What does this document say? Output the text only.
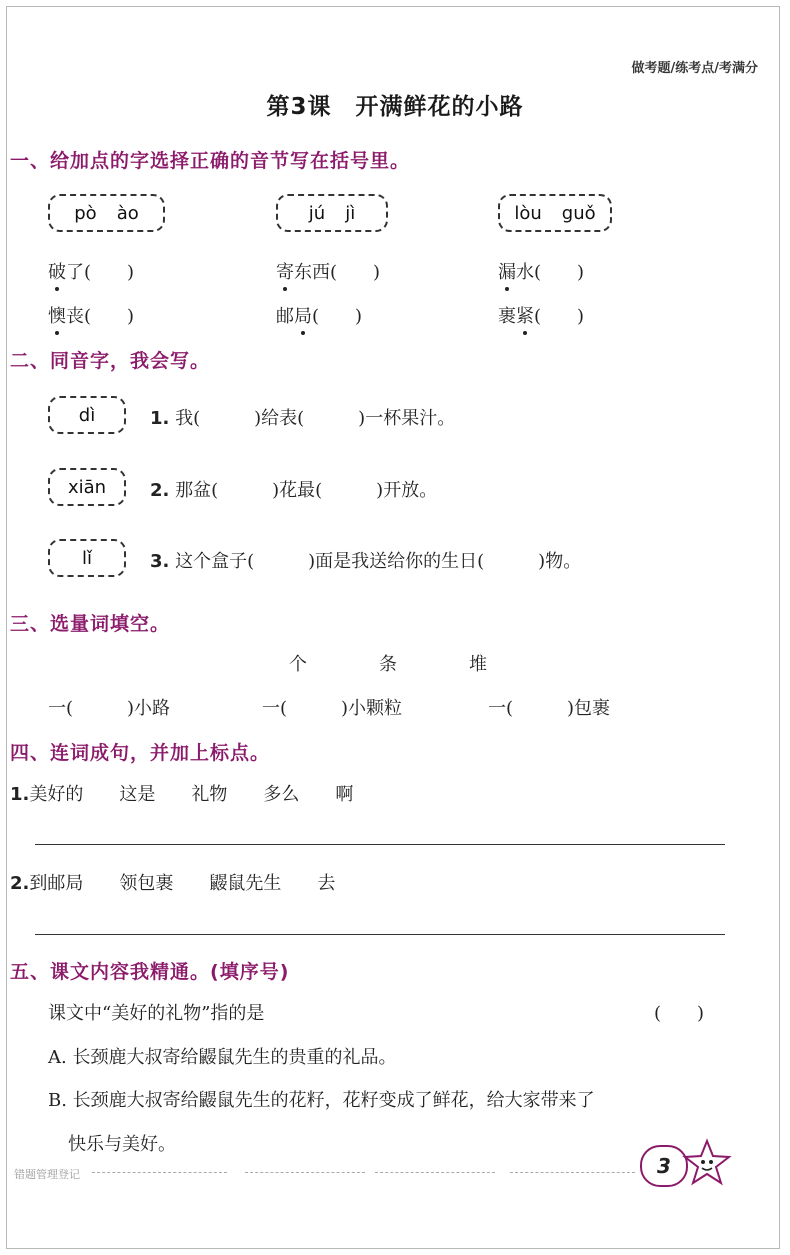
做考题/练考点/考满分
第3课　开满鲜花的小路
一、给加点的字选择正确的音节写在括号里。
pò ào	jú jì	lòu guǒ
破了(　　)	寄东西(　　)	漏水(　　)
懊丧(　　)	邮局(　　)	裹紧(　　)
二、同音字，我会写。
dì	1. 我(　　　)给表(　　　)一杯果汁。
xiān 2. 那盆(　　　)花最(　　　)开放。
lǐ	3. 这个盒子(　　　)面是我送给你的生日(　　　)物。
三、选量词填空。
个	条	堆
一(　　　)小路	一(　　　)小颗粒	一(　　　)包裹
四、连词成句，并加上标点。
1.美好的　　这是　　礼物　　多么　　啊
2.到邮局　　领包裹　　鼹鼠先生　　去
五、课文内容我精通。(填序号)
课文中“美好的礼物”指的是	(　　)
A. 长颈鹿大叔寄给鼹鼠先生的贵重的礼品。
B. 长颈鹿大叔寄给鼹鼠先生的花籽，花籽变成了鲜花，给大家带来了
快乐与美好。
错题管理登记	3
